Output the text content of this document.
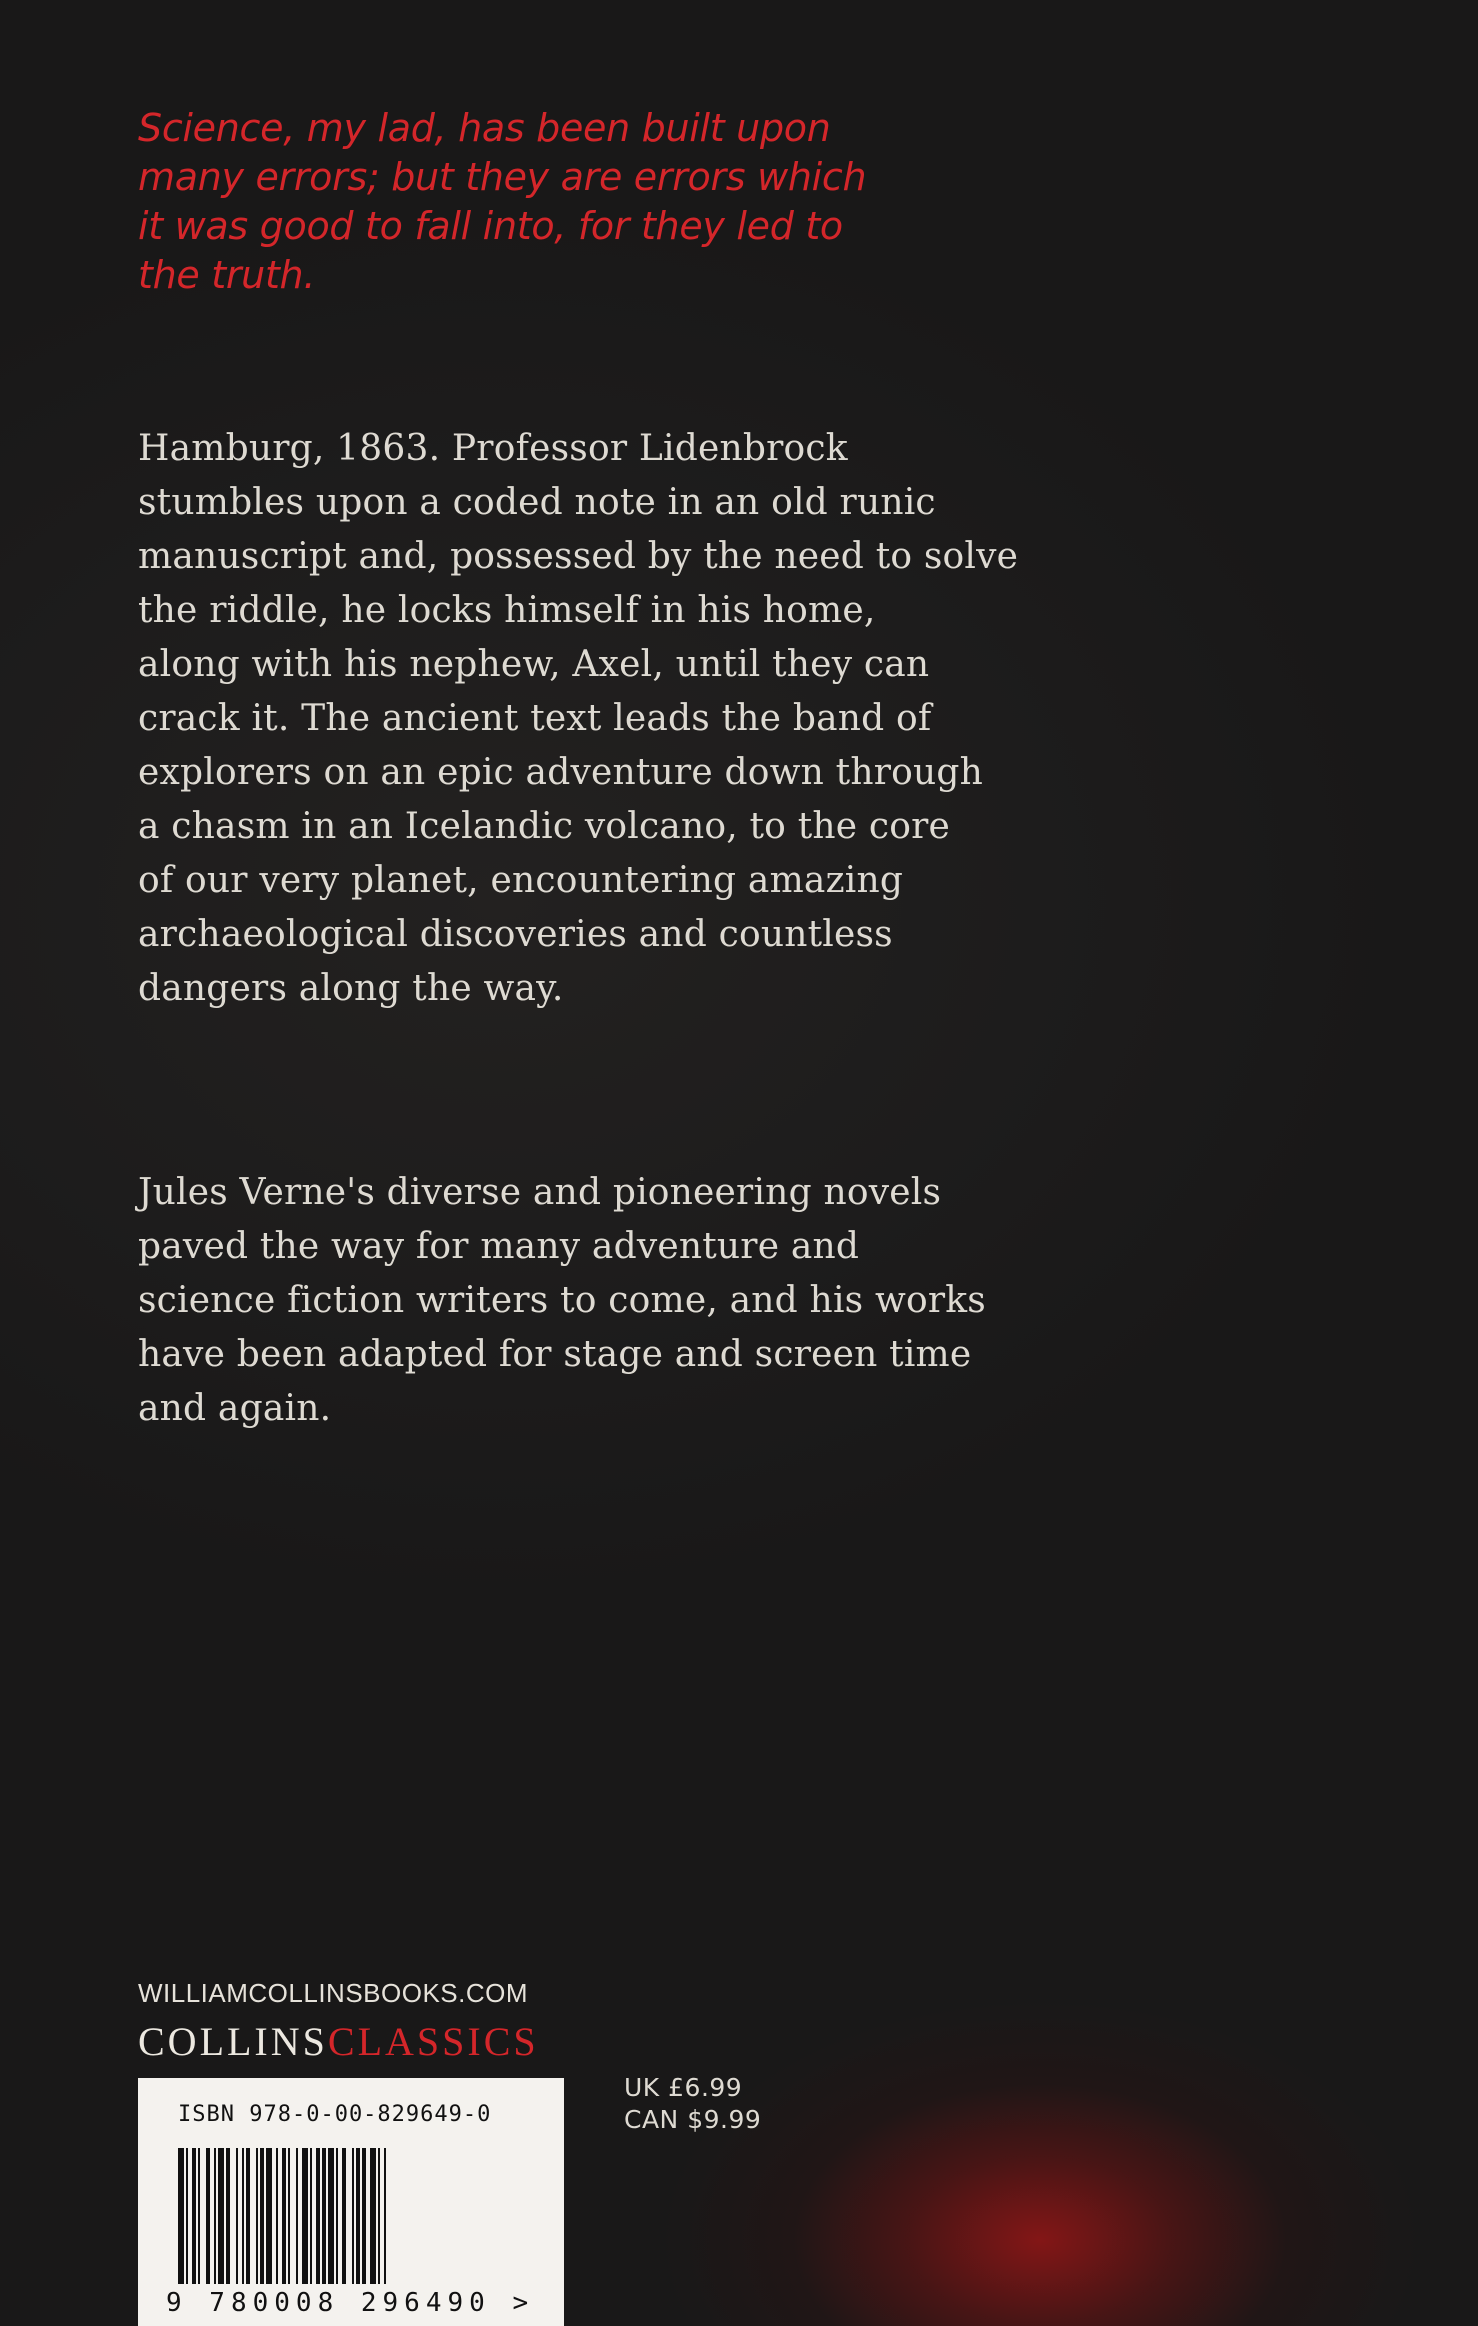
Science, my lad, has been built upon
many errors; but they are errors which
it was good to fall into, for they led to
the truth.

Hamburg, 1863. Professor Lidenbrock
stumbles upon a coded note in an old runic
manuscript and, possessed by the need to solve
the riddle, he locks himself in his home,
along with his nephew, Axel, until they can
crack it. The ancient text leads the band of
explorers on an epic adventure down through
a chasm in an Icelandic volcano, to the core
of our very planet, encountering amazing
archaeological discoveries and countless
dangers along the way.

Jules Verne's diverse and pioneering novels
paved the way for many adventure and
science fiction writers to come, and his works
have been adapted for stage and screen time
and again.

WILLIAMCOLLINSBOOKS.COM
COLLINSCLASSICS
ISBN 978-0-00-829649-0
9 780008 296490 >
UK £6.99
CAN $9.99
